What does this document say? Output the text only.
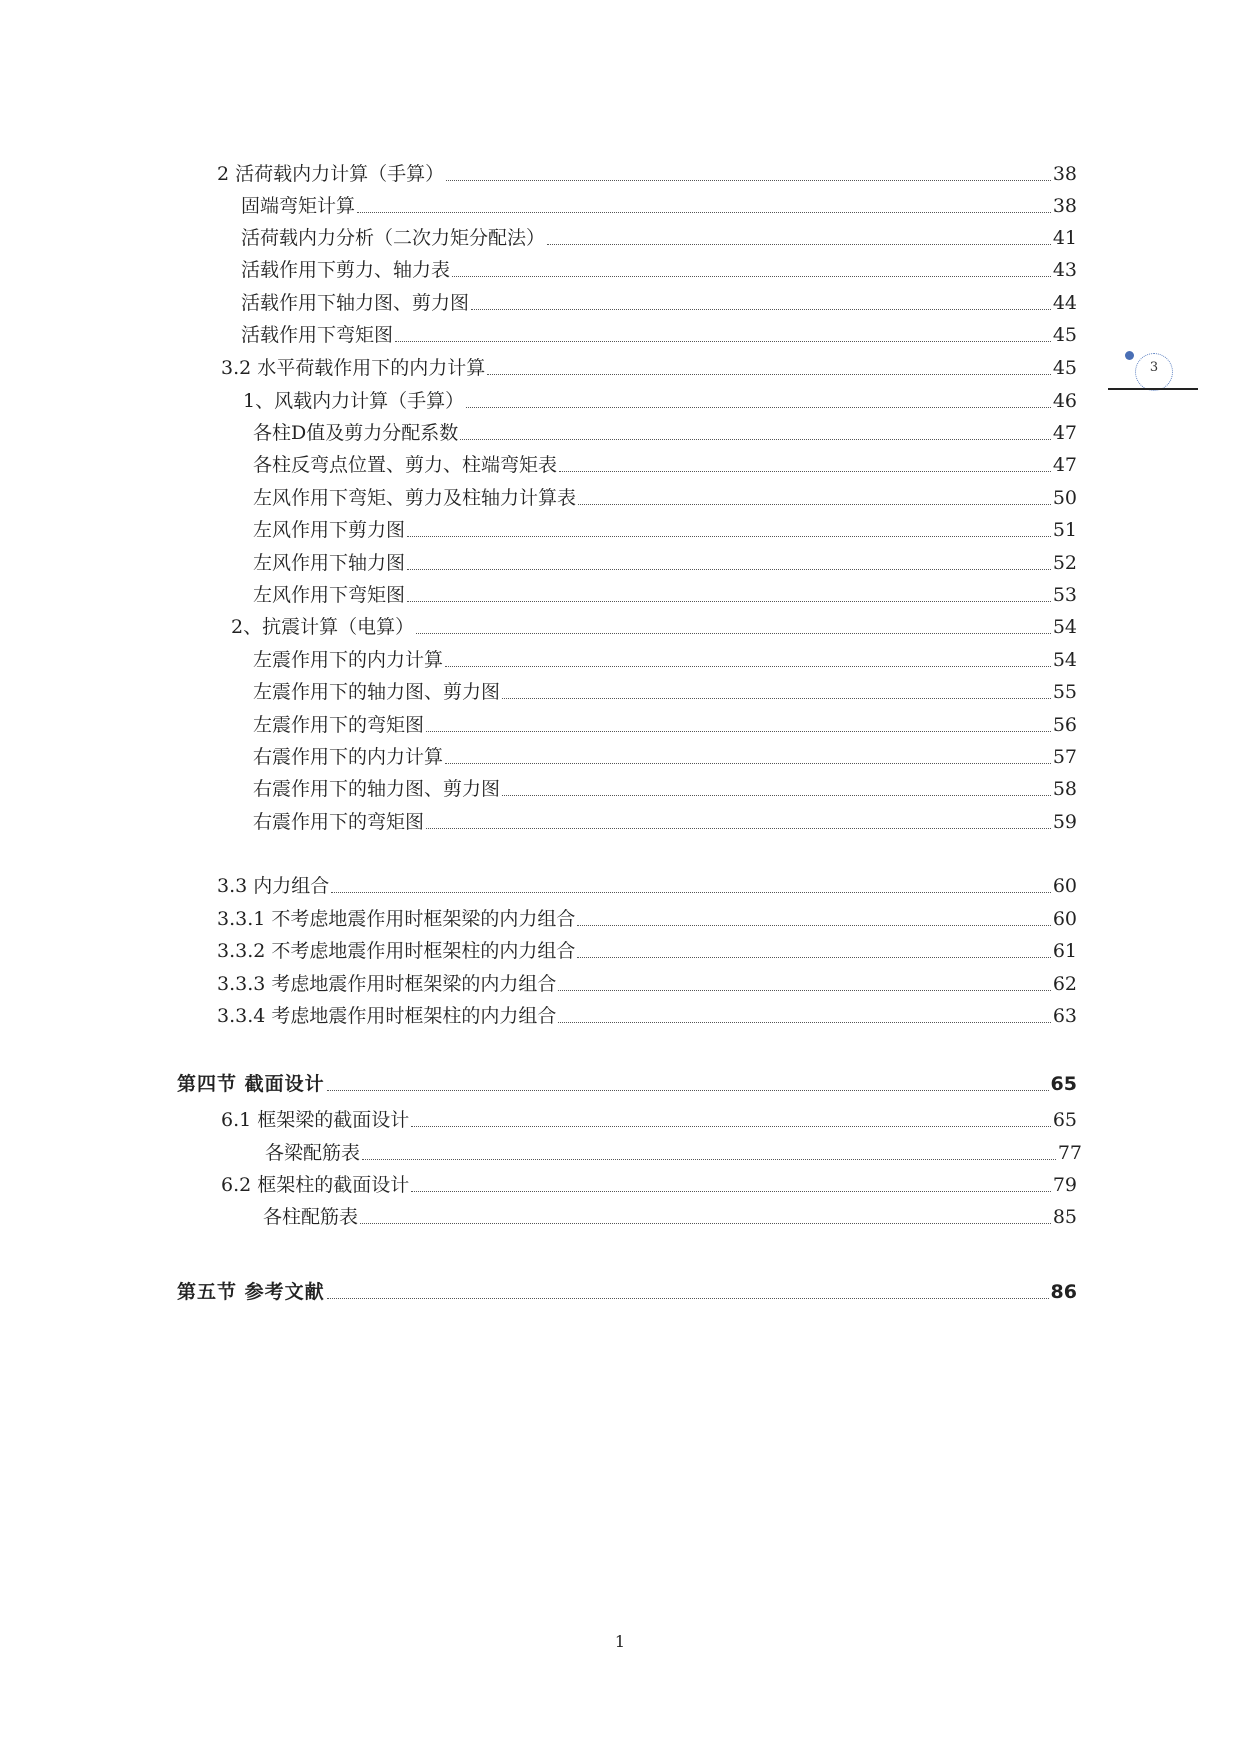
2 活荷载内力计算（手算）	38
固端弯矩计算	38
活荷载内力分析（二次力矩分配法）	41
活载作用下剪力、轴力表	43
活载作用下轴力图、剪力图	44
活载作用下弯矩图	45
3.2 水平荷载作用下的内力计算	45
1、风载内力计算（手算）	46
各柱D值及剪力分配系数	47
各柱反弯点位置、剪力、柱端弯矩表	47
左风作用下弯矩、剪力及柱轴力计算表	50
左风作用下剪力图	51
左风作用下轴力图	52
左风作用下弯矩图	53
2、抗震计算（电算）	54
左震作用下的内力计算	54
左震作用下的轴力图、剪力图	55
左震作用下的弯矩图	56
右震作用下的内力计算	57
右震作用下的轴力图、剪力图	58
右震作用下的弯矩图	59
3.3 内力组合	60
3.3.1 不考虑地震作用时框架梁的内力组合	60
3.3.2 不考虑地震作用时框架柱的内力组合	61
3.3.3 考虑地震作用时框架梁的内力组合	62
3.3.4 考虑地震作用时框架柱的内力组合	63
第四节 截面设计	65
6.1 框架梁的截面设计	65
各梁配筋表	77
6.2 框架柱的截面设计	79
各柱配筋表	85
第五节 参考文献	86
3
1
